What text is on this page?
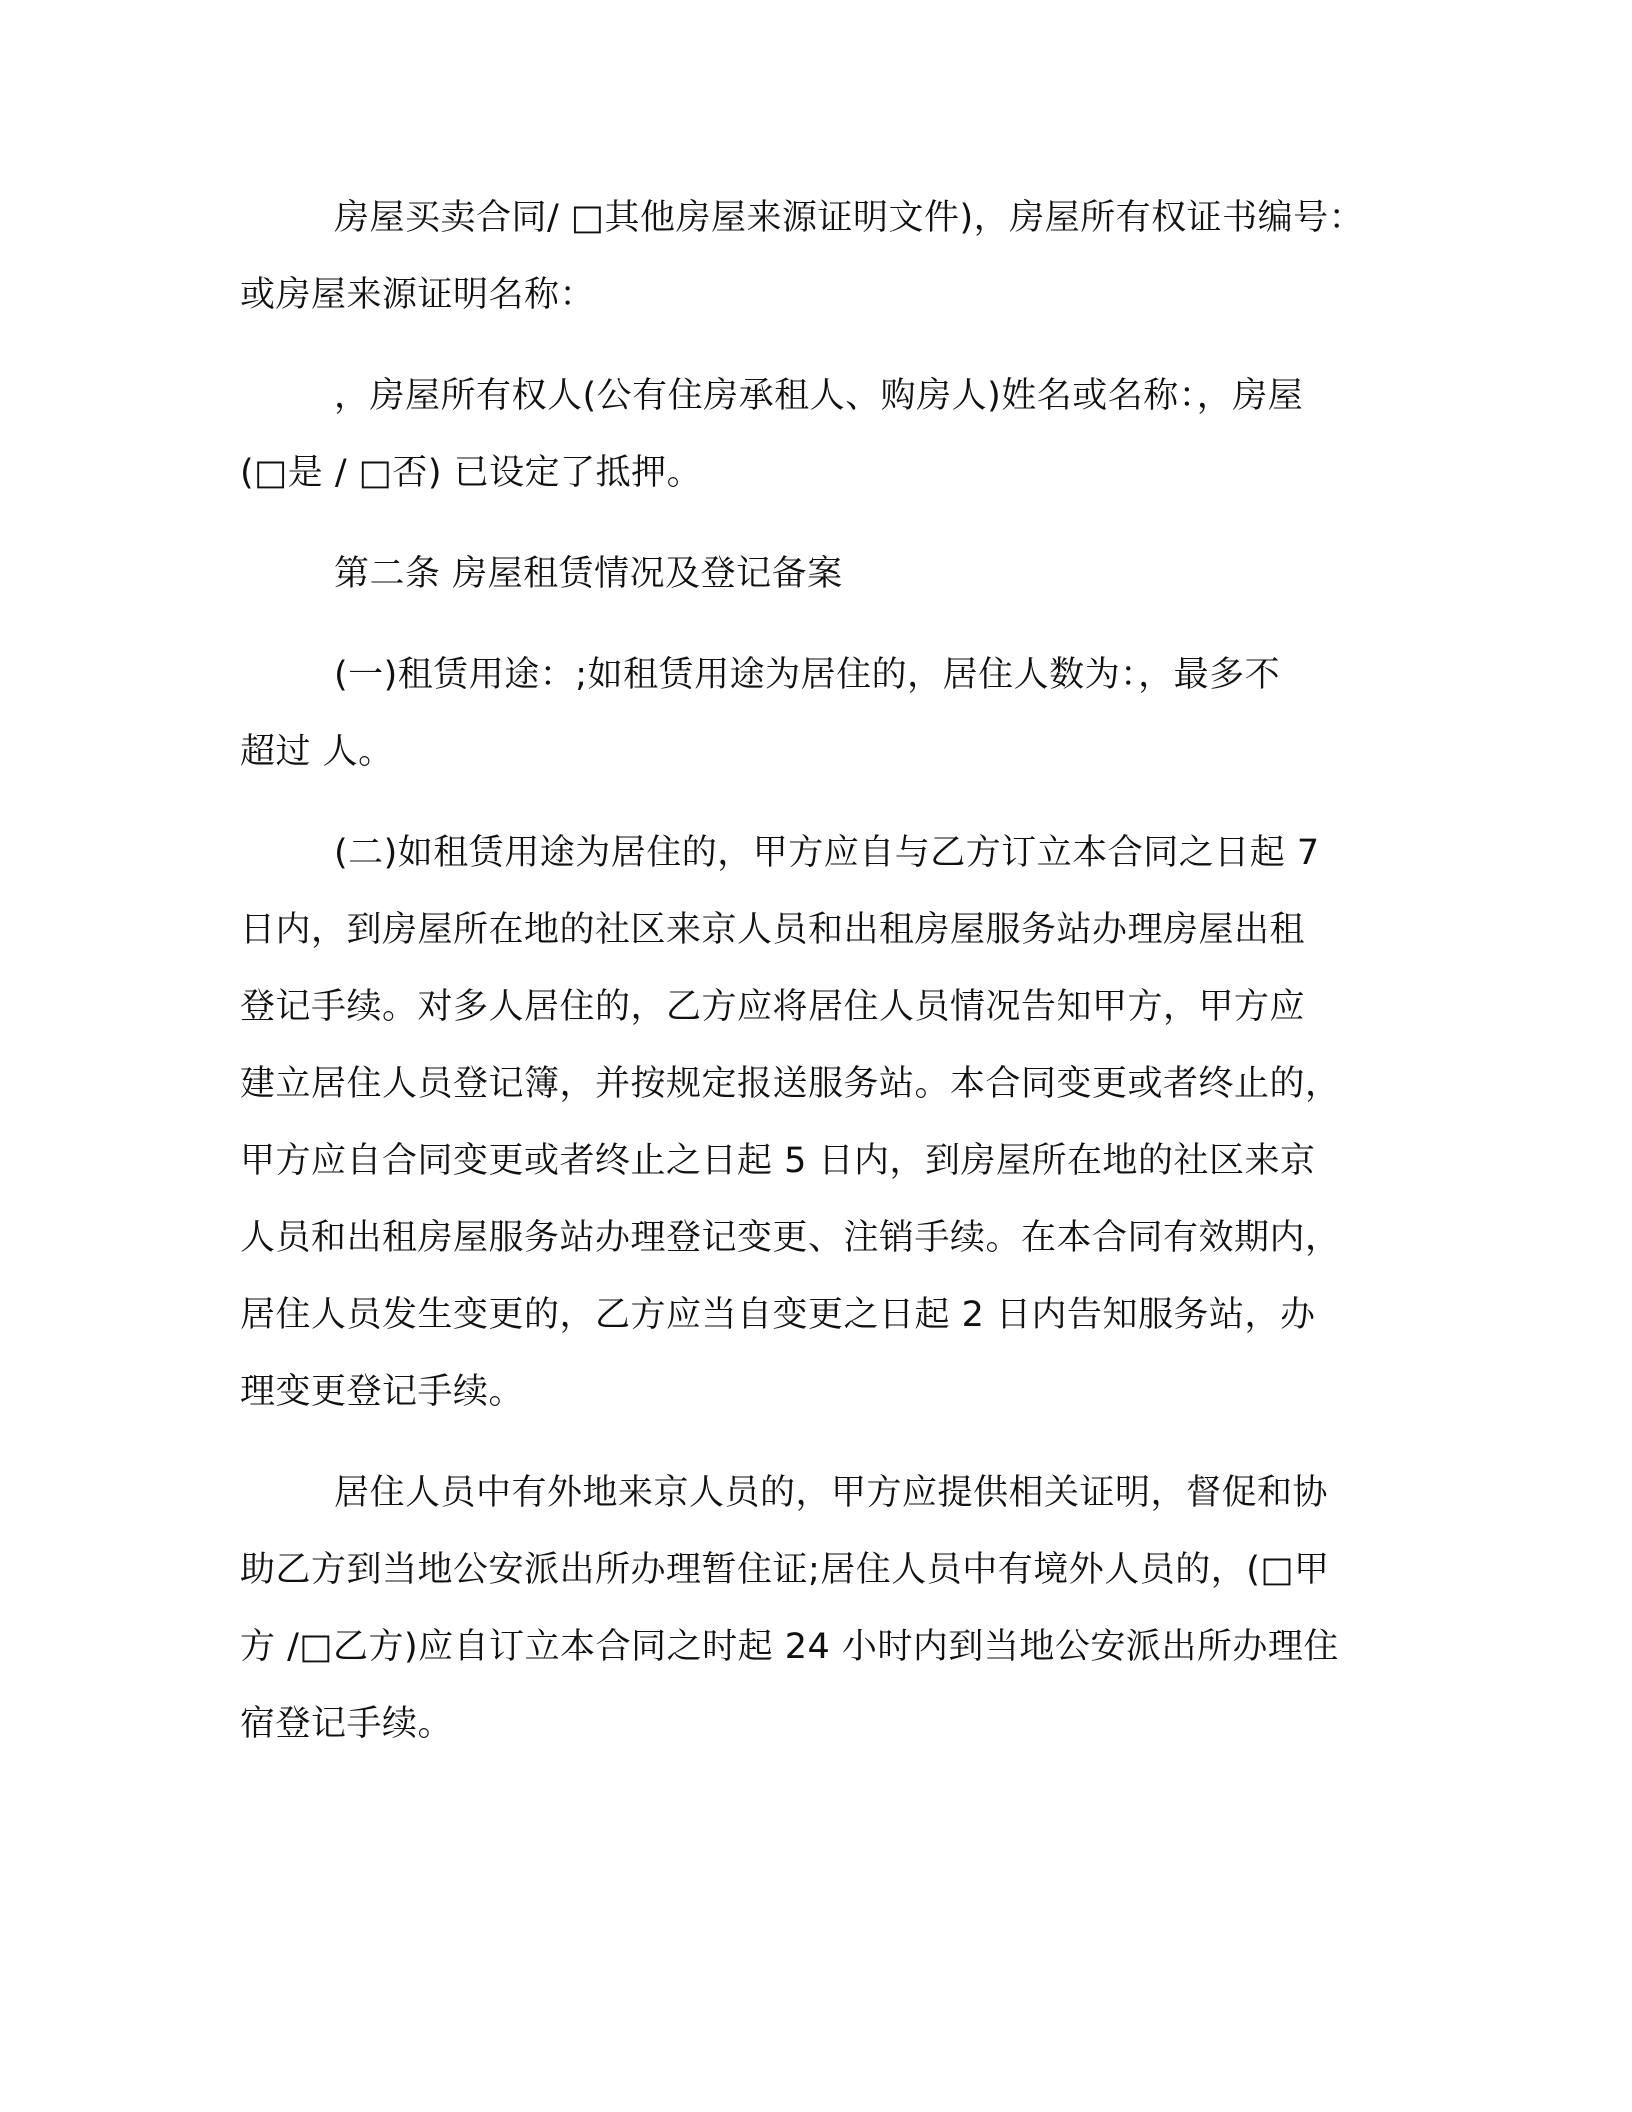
房屋买卖合同/ □其他房屋来源证明文件)，房屋所有权证书编号：

或房屋来源证明名称：

，房屋所有权人(公有住房承租人、购房人)姓名或名称：，房屋

(□是 / □否) 已设定了抵押。

第二条 房屋租赁情况及登记备案

(一)租赁用途：;如租赁用途为居住的，居住人数为：，最多不

超过 人。

(二)如租赁用途为居住的，甲方应自与乙方订立本合同之日起 7

日内，到房屋所在地的社区来京人员和出租房屋服务站办理房屋出租

登记手续。对多人居住的，乙方应将居住人员情况告知甲方，甲方应

建立居住人员登记簿，并按规定报送服务站。本合同变更或者终止的，

甲方应自合同变更或者终止之日起 5 日内，到房屋所在地的社区来京

人员和出租房屋服务站办理登记变更、注销手续。在本合同有效期内，

居住人员发生变更的，乙方应当自变更之日起 2 日内告知服务站，办

理变更登记手续。

居住人员中有外地来京人员的，甲方应提供相关证明，督促和协

助乙方到当地公安派出所办理暂住证;居住人员中有境外人员的，(□甲

方 /□乙方)应自订立本合同之时起 24 小时内到当地公安派出所办理住

宿登记手续。
